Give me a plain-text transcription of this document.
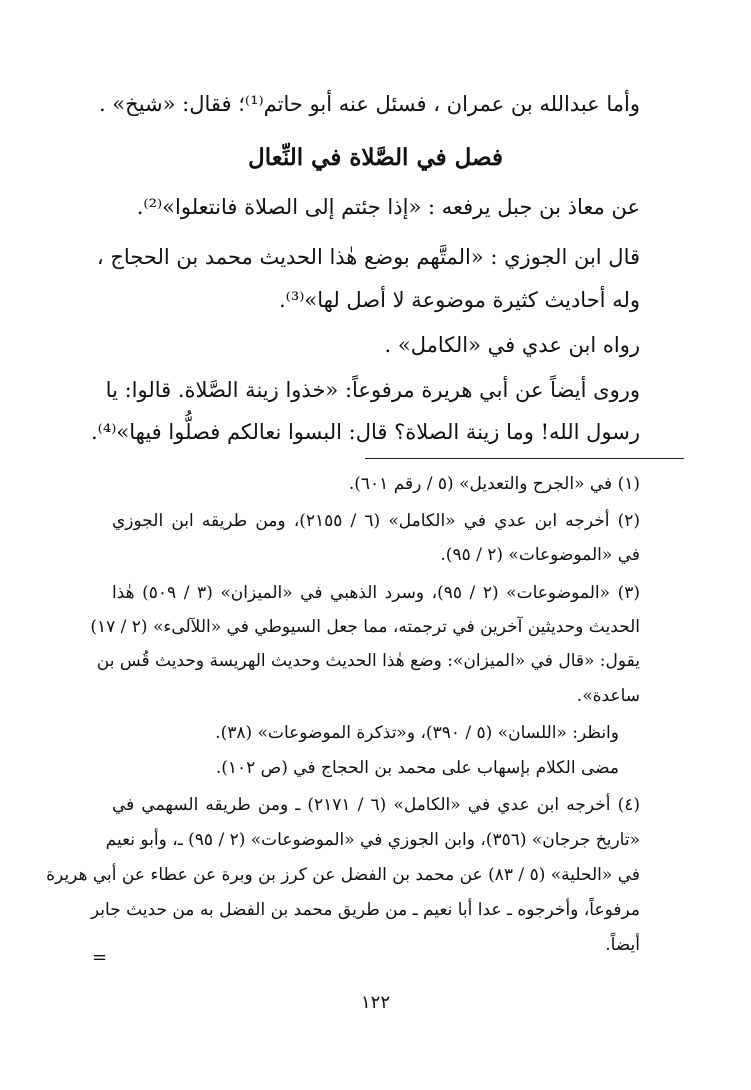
وأما عبدالله بن عمران ، فسئل عنه أبو حاتم⁽¹⁾؛ فقال: «شيخ» .
فصل في الصَّلاة في النِّعال
عن معاذ بن جبل يرفعه : «إذا جئتم إلى الصلاة فانتعلوا»⁽²⁾.
قال ابن الجوزي : «المتَّهم بوضع هٰذا الحديث محمد بن الحجاج ،
وله أحاديث كثيرة موضوعة لا أصل لها»⁽³⁾.
رواه ابن عدي في «الكامل» .
وروى أيضاً عن أبي هريرة مرفوعاً: «خذوا زينة الصَّلاة. قالوا: يا
رسول الله! وما زينة الصلاة؟ قال: البسوا نعالكم فصلُّوا فيها»⁽⁴⁾.
(١) في «الجرح والتعديل» (٥ / رقم ٦٠١).
(٢) أخرجه ابن عدي في «الكامل» (٦ / ٢١٥٥)، ومن طريقه ابن الجوزي
في «الموضوعات» (٢ / ٩٥).
(٣) «الموضوعات» (٢ / ٩٥)، وسرد الذهبي في «الميزان» (٣ / ٥٠٩) هٰذا
الحديث وحديثين آخرين في ترجمته، مما جعل السيوطي في «اللآلىء» (٢ / ١٧)
يقول: «قال في «الميزان»: وضع هٰذا الحديث وحديث الهريسة وحديث قُس بن
ساعدة».
وانظر: «اللسان» (٥ / ٣٩٠)، و«تذكرة الموضوعات» (٣٨).
مضى الكلام بإسهاب على محمد بن الحجاج في (ص ١٠٢).
(٤) أخرجه ابن عدي في «الكامل» (٦ / ٢١٧١) ـ ومن طريقه السهمي في
«تاريخ جرجان» (٣٥٦)، وابن الجوزي في «الموضوعات» (٢ / ٩٥) ـ، وأبو نعيم
في «الحلية» (٥ / ٨٣) عن محمد بن الفضل عن كرز بن وبرة عن عطاء عن أبي هريرة
مرفوعاً، وأخرجوه ـ عدا أبا نعيم ـ من طريق محمد بن الفضل به من حديث جابر
أيضاً.
=
١٢٢
